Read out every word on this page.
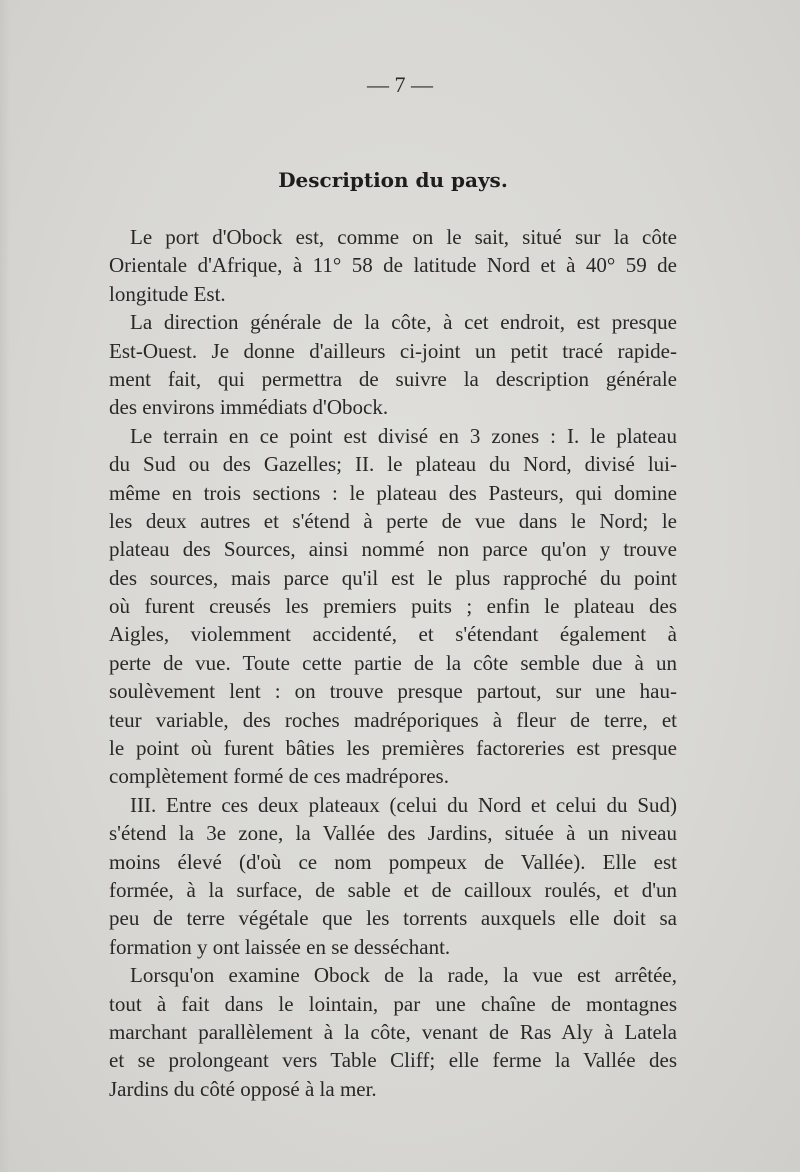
— 7 —
Description du pays.
Le port d'Obock est, comme on le sait, situé sur la côte
Orientale d'Afrique, à 11° 58 de latitude Nord et à 40° 59 de
longitude Est.
La direction générale de la côte, à cet endroit, est presque
Est-Ouest. Je donne d'ailleurs ci-joint un petit tracé rapide-
ment fait, qui permettra de suivre la description générale
des environs immédiats d'Obock.
Le terrain en ce point est divisé en 3 zones : I. le plateau
du Sud ou des Gazelles; II. le plateau du Nord, divisé lui-
même en trois sections : le plateau des Pasteurs, qui domine
les deux autres et s'étend à perte de vue dans le Nord; le
plateau des Sources, ainsi nommé non parce qu'on y trouve
des sources, mais parce qu'il est le plus rapproché du point
où furent creusés les premiers puits ; enfin le plateau des
Aigles, violemment accidenté, et s'étendant également à
perte de vue. Toute cette partie de la côte semble due à un
soulèvement lent : on trouve presque partout, sur une hau-
teur variable, des roches madréporiques à fleur de terre, et
le point où furent bâties les premières factoreries est presque
complètement formé de ces madrépores.
III. Entre ces deux plateaux (celui du Nord et celui du Sud)
s'étend la 3e zone, la Vallée des Jardins, située à un niveau
moins élevé (d'où ce nom pompeux de Vallée). Elle est
formée, à la surface, de sable et de cailloux roulés, et d'un
peu de terre végétale que les torrents auxquels elle doit sa
formation y ont laissée en se desséchant.
Lorsqu'on examine Obock de la rade, la vue est arrêtée,
tout à fait dans le lointain, par une chaîne de montagnes
marchant parallèlement à la côte, venant de Ras Aly à Latela
et se prolongeant vers Table Cliff; elle ferme la Vallée des
Jardins du côté opposé à la mer.
